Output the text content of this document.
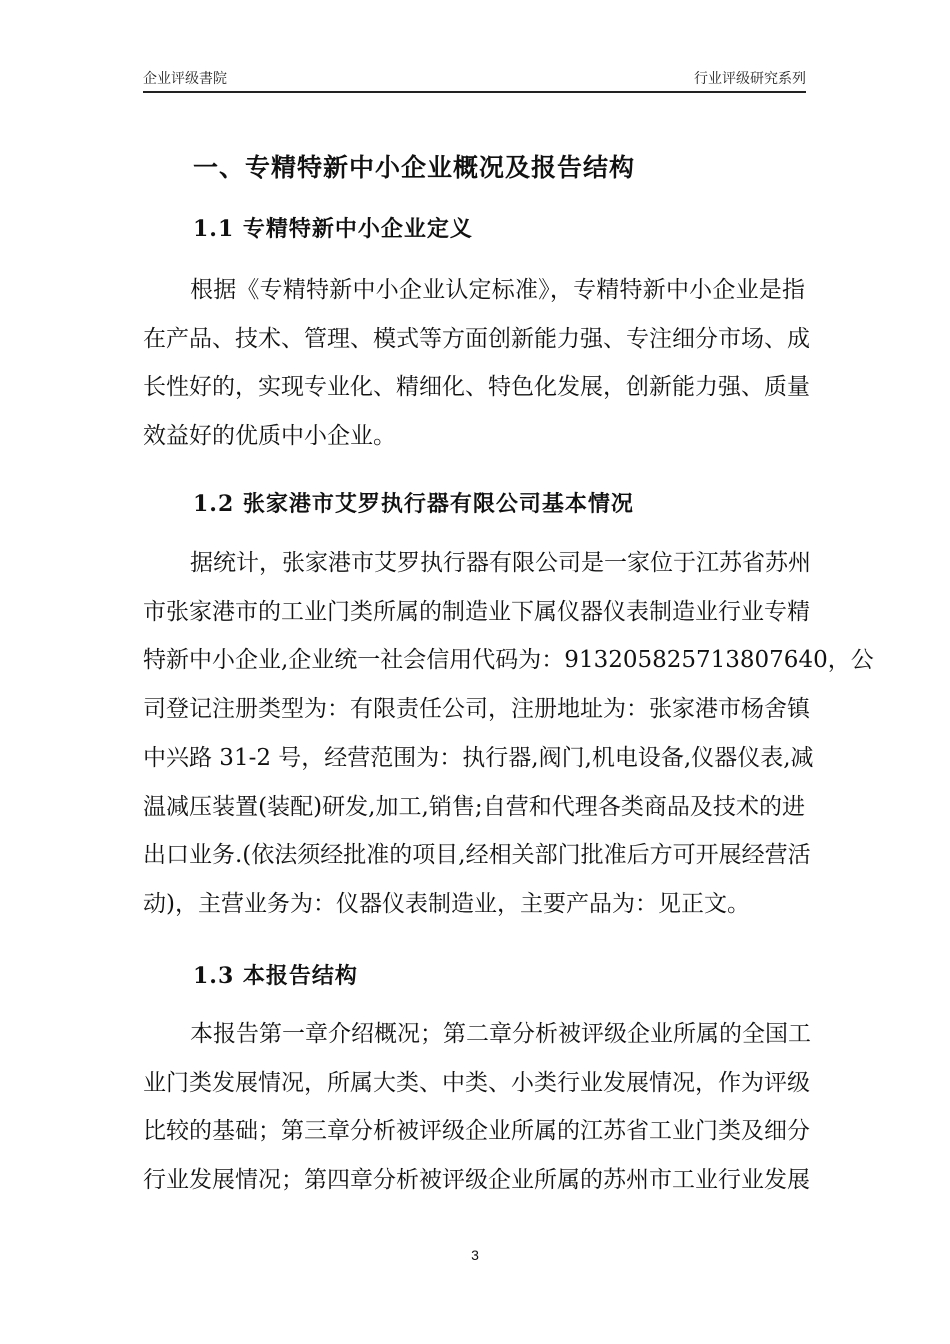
企业评级書院	行业评级研究系列
一、专精特新中小企业概况及报告结构
1.1 专精特新中小企业定义
根据《专精特新中小企业认定标准》，专精特新中小企业是指
在产品、技术、管理、模式等方面创新能力强、专注细分市场、成
长性好的，实现专业化、精细化、特色化发展，创新能力强、质量
效益好的优质中小企业。
1.2 张家港市艾罗执行器有限公司基本情况
据统计，张家港市艾罗执行器有限公司是一家位于江苏省苏州
市张家港市的工业门类所属的制造业下属仪器仪表制造业行业专精
特新中小企业,企业统一社会信用代码为：913205825713807640，公
司登记注册类型为：有限责任公司，注册地址为：张家港市杨舍镇
中兴路 31-2 号，经营范围为：执行器,阀门,机电设备,仪器仪表,减
温减压装置(装配)研发,加工,销售;自营和代理各类商品及技术的进
出口业务.(依法须经批准的项目,经相关部门批准后方可开展经营活
动)，主营业务为：仪器仪表制造业，主要产品为：见正文。
1.3 本报告结构
本报告第一章介绍概况；第二章分析被评级企业所属的全国工
业门类发展情况，所属大类、中类、小类行业发展情况，作为评级
比较的基础；第三章分析被评级企业所属的江苏省工业门类及细分
行业发展情况；第四章分析被评级企业所属的苏州市工业行业发展
3
